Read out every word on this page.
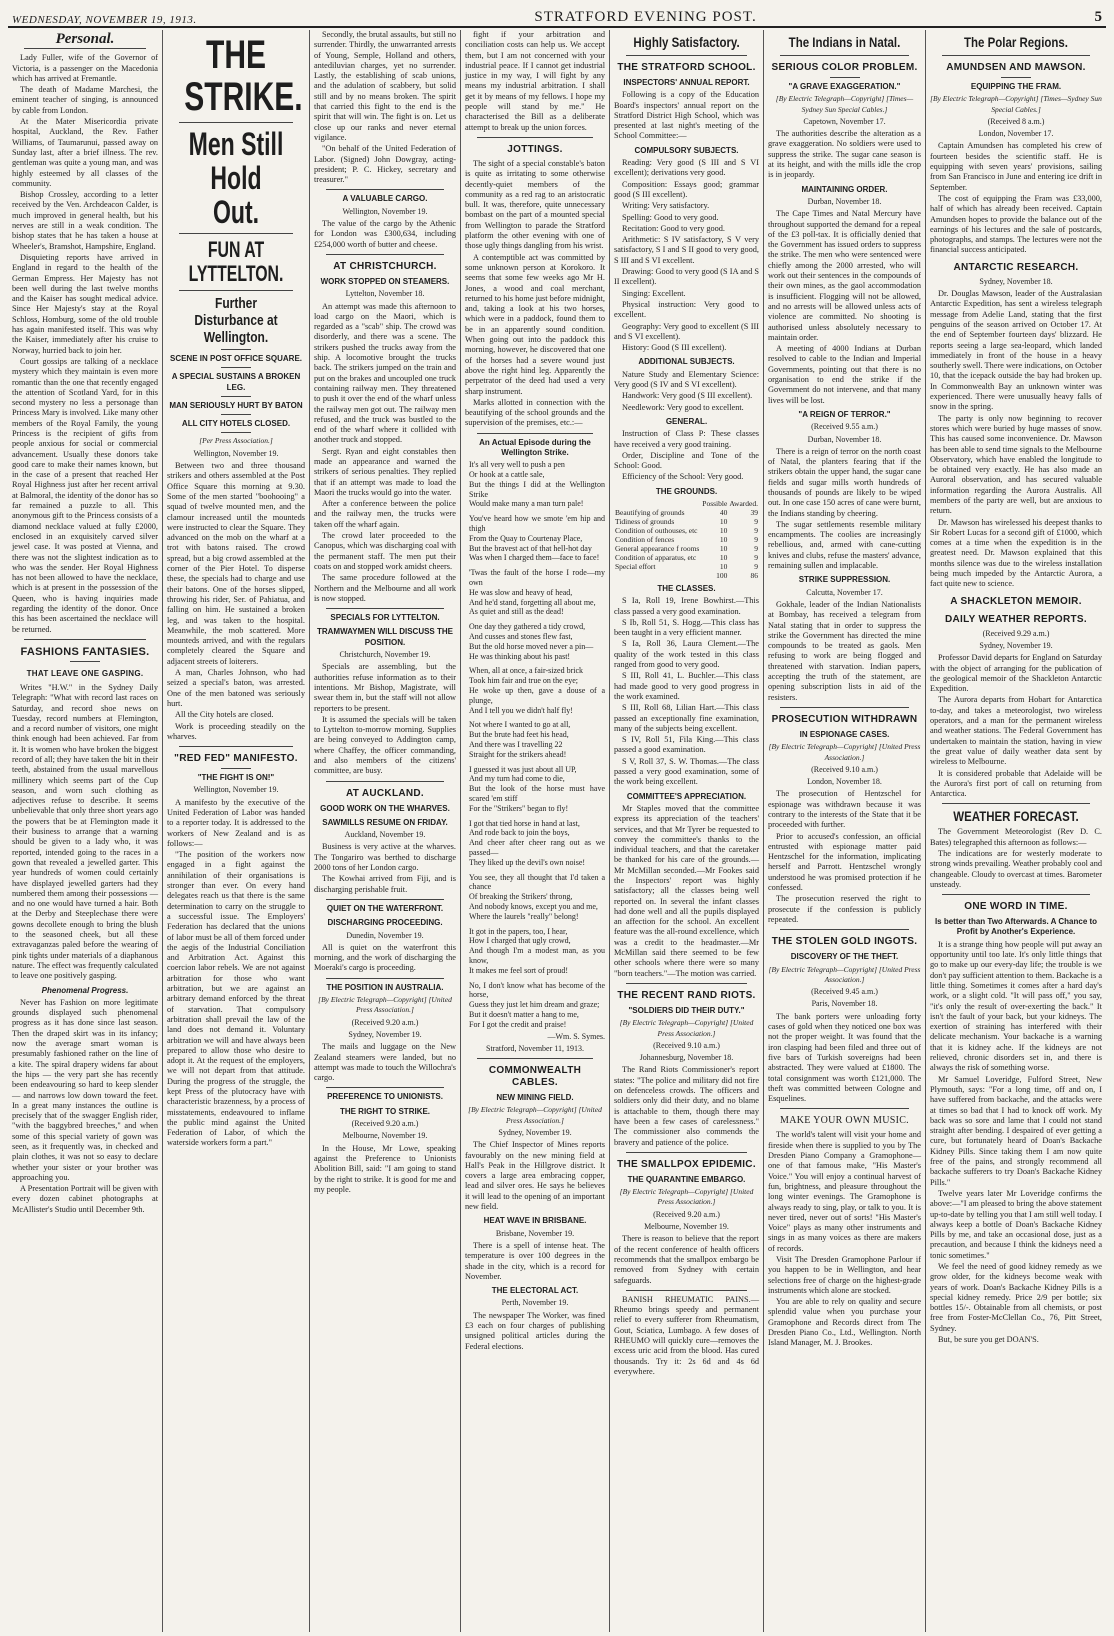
WEDNESDAY, NOVEMBER 19, 1913.	STRATFORD EVENING POST.	5
Personal.

Lady Fuller, wife of the Governor of Victoria, is a passenger on the Macedonia which has arrived at Fremantle.

The death of Madame Marchesi, the eminent teacher of singing, is announced by cable from London.

At the Mater Misericordia private hospital, Auckland, the Rev. Father Williams, of Taumarunui, passed away on Sunday last, after a brief illness. The rev. gentleman was quite a young man, and was highly esteemed by all classes of the community.

Bishop Crossley, according to a letter received by the Ven. Archdeacon Calder, is much improved in general health, but his nerves are still in a weak condition. The bishop states that he has taken a house at Wheeler's, Bramshot, Hampshire, England.

Disquieting reports have arrived in England in regard to the health of the German Empress. Her Majesty has not been well during the last twelve months and the Kaiser has sought medical advice. Since Her Majesty's stay at the Royal Schloss, Homburg, some of the old trouble has again manifested itself. This was why the Kaiser, immediately after his cruise to Norway, hurried back to join her.

Court gossips are talking of a necklace mystery which they maintain is even more romantic than the one that recently engaged the attention of Scotland Yard, for in this second mystery no less a personage than Princess Mary is involved. Like many other members of the Royal Family, the young Princess is the recipient of gifts from people anxious for social or commercial advancement. Usually these donors take good care to make their names known, but in the case of a present that reached Her Royal Highness just after her recent arrival at Balmoral, the identity of the donor has so far remained a puzzle to all. This anonymous gift to the Princess consists of a diamond necklace valued at fully £2000, enclosed in an exquisitely carved silver jewel case. It was posted at Vienna, and there was not the slightest indication as to who was the sender. Her Royal Highness has not been allowed to have the necklace, which is at present in the possession of the Queen, who is having inquiries made regarding the identity of the donor. Once this has been ascertained the necklace will be returned.

FASHIONS FANTASIES.
THAT LEAVE ONE GASPING.

Writes "H.W." in the Sydney Daily Telegraph: "What with record last races on Saturday, and record shoe news on Tuesday, record numbers at Flemington, and a record number of visitors, one might think enough had been achieved. Far from it. It is women who have broken the biggest record of all; they have taken the bit in their teeth, abstained from the usual marvellous millinery which seems part of the Cup season, and worn such clothing as adjectives refuse to describe. It seems unbelievable that only three short years ago the powers that be at Flemington made it their business to arrange that a warning should be given to a lady who, it was reported, intended going to the races in a gown that revealed a jewelled garter. This year hundreds of women could certainly have displayed jewelled garters had they numbered them among their possessions — and no one would have turned a hair. Both at the Derby and Steeplechase there were gowns decollete enough to bring the blush to the seasoned cheek, but all these extravaganzas paled before the wearing of pink tights under materials of a diaphanous nature. The effect was frequently calculated to leave one positively gasping.

Phenomenal Progress.

Never has Fashion on more legitimate grounds displayed such phenomenal progress as it has done since last season. Then the draped skirt was in its infancy; now the average smart woman is presumably fashioned rather on the line of a kite. The spiral drapery widens far about the hips — the very part she has recently been endeavouring so hard to keep slender — and narrows low down toward the feet. In a great many instances the outline is precisely that of the swagger English rider, "with the baggybred breeches," and when some of this special variety of gown was seen, as it frequently was, in checked and plain clothes, it was not so easy to declare whether your sister or your brother was approaching you.

A Presentation Portrait will be given with every dozen cabinet photographs at McAllister's Studio until December 9th.

THE STRIKE.
Men Still Hold Out.
FUN AT LYTTELTON.
Further Disturbance at Wellington.
SCENE IN POST OFFICE SQUARE.
A SPECIAL SUSTAINS A BROKEN LEG.
MAN SERIOUSLY HURT BY BATON
ALL CITY HOTELS CLOSED.
[Per Press Association.]
Wellington, November 19.

Between two and three thousand strikers and others assembled at the Post Office Square this morning at 9.30. Some of the men started "boohooing" a squad of twelve mounted men, and the clamour increased until the mounteds were instructed to clear the Square. They advanced on the mob on the wharf at a trot with batons raised. The crowd spread, but a big crowd assembled at the corner of the Pier Hotel. To disperse these, the specials had to charge and use their batons. One of the horses slipped, throwing his rider, Ser. of Pahiatua, and falling on him. He sustained a broken leg, and was taken to the hospital. Meanwhile, the mob scattered. More mounteds arrived, and with the regulars completely cleared the Square and adjacent streets of loiterers.

A man, Charles Johnson, who had seized a special's baton, was arrested. One of the men batoned was seriously hurt.

All the City hotels are closed.

Work is proceeding steadily on the wharves.

"RED FED" MANIFESTO.
"THE FIGHT IS ON!"
Wellington, November 19.

A manifesto by the executive of the United Federation of Labor was handed to a reporter today. It is addressed to the workers of New Zealand and is as follows:—

"The position of the workers now engaged in a fight against the annihilation of their organisations is stronger than ever. On every hand delegates reach us that there is the same determination to carry on the struggle to a successful issue. The Employers' Federation has declared that the unions of labor must be all of them forced under the aegis of the Industrial Conciliation and Arbitration Act. Against this coercion labor rebels. We are not against arbitration for those who want arbitration, but we are against an arbitrary demand enforced by the threat of starvation. That compulsory arbitration shall prevail the law of the land does not demand it. Voluntary arbitration we will and have always been prepared to allow those who desire to adopt it. At the request of the employers, we will not depart from that attitude. During the progress of the struggle, the kept Press of the plutocracy have with characteristic brazenness, by a process of misstatements, endeavoured to inflame the public mind against the United Federation of Labor, of which the waterside workers form a part."

Secondly, the brutal assaults, but still no surrender. Thirdly, the unwarranted arrests of Young, Semple, Holland and others, antediluvian charges, yet no surrender. Lastly, the establishing of scab unions, and the adulation of scabbery, but solid still and by no means broken. The spirit that carried this fight to the end is the spirit that will win. The fight is on. Let us close up our ranks and never eternal vigilance.

"On behalf of the United Federation of Labor. (Signed) John Dowgray, acting-president; P. C. Hickey, secretary and treasurer."

A VALUABLE CARGO.
Wellington, November 19.

The value of the cargo by the Athenic for London was £300,634, including £254,000 worth of butter and cheese.

AT CHRISTCHURCH.
WORK STOPPED ON STEAMERS.
Lyttelton, November 18.

An attempt was made this afternoon to load cargo on the Maori, which is regarded as a "scab" ship. The crowd was disorderly, and there was a scene. The strikers pushed the trucks away from the ship. A locomotive brought the trucks back. The strikers jumped on the train and put on the brakes and uncoupled one truck containing railway men. They threatened to push it over the end of the wharf unless the railway men got out. The railway men refused, and the truck was bustled to the end of the wharf where it collided with another truck and stopped.

Sergt. Ryan and eight constables then made an appearance and warned the strikers of serious penalties. They replied that if an attempt was made to load the Maori the trucks would go into the water.

After a conference between the police and the railway men, the trucks were taken off the wharf again.

The crowd later proceeded to the Canopus, which was discharging coal with the permanent staff. The men put their coats on and stopped work amidst cheers.

The same procedure followed at the Northern and the Melbourne and all work is now stopped.

SPECIALS FOR LYTTELTON.
TRAMWAYMEN WILL DISCUSS THE POSITION.
Christchurch, November 19.

Specials are assembling, but the authorities refuse information as to their intentions. Mr Bishop, Magistrate, will swear them in, but the staff will not allow reporters to be present.

It is assumed the specials will be taken to Lyttelton to-morrow morning. Supplies are being conveyed to Addington camp, where Chaffey, the officer commanding, and also members of the citizens' committee, are busy.

AT AUCKLAND.
GOOD WORK ON THE WHARVES.
SAWMILLS RESUME ON FRIDAY.
Auckland, November 19.

Business is very active at the wharves. The Tongariro was berthed to discharge 2000 tons of her London cargo.

The Kowhai arrived from Fiji, and is discharging perishable fruit.

QUIET ON THE WATERFRONT.
DISCHARGING PROCEEDING.
Dunedin, November 19.

All is quiet on the waterfront this morning, and the work of discharging the Moeraki's cargo is proceeding.

THE POSITION IN AUSTRALIA.
[By Electric Telegraph—Copyright] [United Press Association.]
(Received 9.20 a.m.)
Sydney, November 19.

The mails and luggage on the New Zealand steamers were landed, but no attempt was made to touch the Willochra's cargo.

PREFERENCE TO UNIONISTS.
THE RIGHT TO STRIKE.
(Received 9.20 a.m.)
Melbourne, November 19.

In the House, Mr Lowe, speaking against the Preference to Unionists Abolition Bill, said: "I am going to stand by the right to strike. It is good for me and my people.

fight if your arbitration and conciliation costs can help us. We accept them, but I am not concerned with your industrial peace. If I cannot get industrial justice in my way, I will fight by any means my industrial arbitration. I shall get it by means of my fellows. I hope my people will stand by me." He characterised the Bill as a deliberate attempt to break up the union forces.

JOTTINGS.

The sight of a special constable's baton is quite as irritating to some otherwise decently-quiet members of the community as a red rag to an aristocratic bull. It was, therefore, quite unnecessary bombast on the part of a mounted special from Wellington to parade the Stratford platform the other evening with one of those ugly things dangling from his wrist.

A contemptible act was committed by some unknown person at Korokoro. It seems that some few weeks ago Mr H. Jones, a wood and coal merchant, returned to his home just before midnight, and, taking a look at his two horses, which were in a paddock, found them to be in an apparently sound condition. When going out into the paddock this morning, however, he discovered that one of the horses had a severe wound just above the right hind leg. Apparently the perpetrator of the deed had used a very sharp instrument.

Marks allotted in connection with the beautifying of the school grounds and the supervision of the premises, etc.:—

An Actual Episode during the Wellington Strike.
It's all very well to push a pen
Or hook at a cattle sale,
But the things I did at the Wellington Strike
Would make many a man turn pale!
You've heard how we smote 'em hip and thigh
From the Quay to Courtenay Place,
But the bravest act of that hell-hot day
Was when I charged them—face to face!
'Twas the fault of the horse I rode—my own
He was slow and heavy of head,
And he'd stand, forgetting all about me,
As quiet and still as the dead!
One day they gathered a tidy crowd,
And cusses and stones flew fast,
But the old horse moved never a pin—
He was thinking about his past!
When, all at once, a fair-sized brick
Took him fair and true on the eye;
He woke up then, gave a douse of a plunge,
And I tell you we didn't half fly!
Not where I wanted to go at all,
But the brute had feet his head,
And there was I travelling 22
Straight for the strikers ahead!
I guessed it was just about all UP,
And my turn had come to die,
But the look of the horse must have scared 'em stiff
For the "Strikers" began to fly!
I got that tied horse in hand at last,
And rode back to join the boys,
And cheer after cheer rang out as we passed—
They liked up the devil's own noise!
You see, they all thought that I'd taken a chance
Of breaking the Strikers' throng,
And nobody knows, except you and me,
Where the laurels "really" belong!
It got in the papers, too, I hear,
How I charged that ugly crowd,
And though I'm a modest man, as you know,
It makes me feel sort of proud!
No, I don't know what has become of the horse,
Guess they just let him dream and graze;
But it doesn't matter a hang to me,
For I got the credit and praise!
—Wm. S. Symes.
Stratford, November 11, 1913.
COMMONWEALTH CABLES.
NEW MINING FIELD.
[By Electric Telegraph—Copyright] [United Press Association.]
Sydney, November 19.

The Chief Inspector of Mines reports favourably on the new mining field at Hall's Peak in the Hillgrove district. It covers a large area embracing copper, lead and silver ores. He says he believes it will lead to the opening of an important new field.

HEAT WAVE IN BRISBANE.
Brisbane, November 19.

There is a spell of intense heat. The temperature is over 100 degrees in the shade in the city, which is a record for November.

THE ELECTORAL ACT.
Perth, November 19.

The newspaper The Worker, was fined £3 each on four charges of publishing unsigned political articles during the Federal elections.

Highly Satisfactory.
THE STRATFORD SCHOOL.
INSPECTORS' ANNUAL REPORT.

Following is a copy of the Education Board's inspectors' annual report on the Stratford District High School, which was presented at last night's meeting of the School Committee:—

COMPULSORY SUBJECTS.

Reading: Very good (S III and S VI excellent); derivations very good.

Composition: Essays good; grammar good (S III excellent).

Writing: Very satisfactory.

Spelling: Good to very good.

Recitation: Good to very good.

Arithmetic: S IV satisfactory, S V very satisfactory, S I and S II good to very good, S III and S VI excellent.

Drawing: Good to very good (S IA and S II excellent).

Singing: Excellent.

Physical instruction: Very good to excellent.

Geography: Very good to excellent (S III and S VI excellent).

History: Good (S III excellent).

ADDITIONAL SUBJECTS.

Nature Study and Elementary Science: Very good (S IV and S VI excellent).

Handwork: Very good (S III excellent).

Needlework: Very good to excellent.

GENERAL.

Instruction of Class P: These classes have received a very good training.

Order, Discipline and Tone of the School: Good.

Efficiency of the School: Very good.

THE GROUNDS.
	Possible	Awarded.
Beautifying of grounds	40	39
Tidiness of grounds	10	9
Condition of outhouses, etc	10	9
Condition of fences	10	9
General appearance f rooms	10	9
Condition of apparatus, etc	10	9
Special effort	10	9
	100	86
THE CLASSES.

S Ia, Roll 19, Irene Bowhirst.—This class passed a very good examination.

S Ib, Roll 51, S. Hogg.—This class has been taught in a very efficient manner.

S Ia, Roll 36, Laura Clement.—The quality of the work tested in this class ranged from good to very good.

S III, Roll 41, L. Buchler.—This class had made good to very good progress in the work examined.

S III, Roll 68, Lilian Hart.—This class passed an exceptionally fine examination, many of the subjects being excellent.

S IV, Roll 51, Fila King.—This class passed a good examination.

S V, Roll 37, S. W. Thomas.—The class passed a very good examination, some of the work being excellent.

COMMITTEE'S APPRECIATION.

Mr Staples moved that the committee express its appreciation of the teachers' services, and that Mr Tyrer be requested to convey the committee's thanks to the individual teachers, and that the caretaker be thanked for his care of the grounds.—Mr McMillan seconded.—Mr Fookes said the Inspectors' report was highly satisfactory; all the classes being well reported on. In several the infant classes had done well and all the pupils displayed an affection for the school. An excellent feature was the all-round excellence, which was a credit to the headmaster.—Mr McMillan said there seemed to be few other schools where there were so many "born teachers."—The motion was carried.

THE RECENT RAND RIOTS.
"SOLDIERS DID THEIR DUTY."
[By Electric Telegraph—Copyright] [United Press Association.]
(Received 9.10 a.m.)
Johannesburg, November 18.

The Rand Riots Commissioner's report states: "The police and military did not fire on defenceless crowds. The officers and soldiers only did their duty, and no blame is attachable to them, though there may have been a few cases of carelessness." The commissioner also commends the bravery and patience of the police.

THE SMALLPOX EPIDEMIC.
THE QUARANTINE EMBARGO.
[By Electric Telegraph—Copyright] [United Press Association.]
(Received 9.20 a.m.)
Melbourne, November 19.

There is reason to believe that the report of the recent conference of health officers recommends that the smallpox embargo be removed from Sydney with certain safeguards.

BANISH RHEUMATIC PAINS.—Rheumo brings speedy and permanent relief to every sufferer from Rheumatism, Gout, Sciatica, Lumbago. A few doses of RHEUMO will quickly cure—removes the excess uric acid from the blood. Has cured thousands. Try it: 2s 6d and 4s 6d everywhere.

The Indians in Natal.
SERIOUS COLOR PROBLEM.
"A GRAVE EXAGGERATION."
[By Electric Telegraph—Copyright] [Times—Sydney Sun Special Cables.]
Capetown, November 17.

The authorities describe the alteration as a grave exaggeration. No soldiers were used to suppress the strike. The sugar cane season is at its height, and with the mills idle the crop is in jeopardy.

MAINTAINING ORDER.
Durban, November 18.

The Cape Times and Natal Mercury have throughout supported the demand for a repeal of the £3 poll-tax. It is officially denied that the Government has issued orders to suppress the strike. The men who were sentenced were chiefly among the 2000 arrested, who will work out their sentences in the compounds of their own mines, as the gaol accommodation is insufficient. Flogging will not be allowed, and no arrests will be allowed unless acts of violence are committed. No shooting is authorised unless absolutely necessary to maintain order.

A meeting of 4000 Indians at Durban resolved to cable to the Indian and Imperial Governments, pointing out that there is no organisation to end the strike if the Government do not intervene, and that many lives will be lost.

"A REIGN OF TERROR."
(Received 9.55 a.m.)
Durban, November 18.

There is a reign of terror on the north coast of Natal, the planters fearing that if the strikers obtain the upper hand, the sugar cane fields and sugar mills worth hundreds of thousands of pounds are likely to be wiped out. In one case 150 acres of cane were burnt, the Indians standing by cheering.

The sugar settlements resemble military encampments. The coolies are increasingly rebellious, and, armed with cane-cutting knives and clubs, refuse the masters' advance, remaining sullen and implacable.

STRIKE SUPPRESSION.
Calcutta, November 17.

Gokhale, leader of the Indian Nationalists at Bombay, has received a telegram from Natal stating that in order to suppress the strike the Government has directed the mine compounds to be treated as gaols. Men refusing to work are being flogged and threatened with starvation. Indian papers, accepting the truth of the statement, are opening subscription lists in aid of the resisters.

PROSECUTION WITHDRAWN
IN ESPIONAGE CASES.
[By Electric Telegraph—Copyright] [United Press Association.]
(Received 9.10 a.m.)
London, November 18.

The prosecution of Hentzschel for espionage was withdrawn because it was contrary to the interests of the State that it be proceeded with further.

Prior to accused's confession, an official entrusted with espionage matter paid Hentzschel for the information, implicating herself and Parrott. Hentzschel wrongly understood he was promised protection if he confessed.

The prosecution reserved the right to prosecute if the confession is publicly repeated.

THE STOLEN GOLD INGOTS.
DISCOVERY OF THE THEFT.
[By Electric Telegraph—Copyright] [United Press Association.]
(Received 9.45 a.m.)
Paris, November 18.

The bank porters were unloading forty cases of gold when they noticed one box was not the proper weight. It was found that the iron clasping had been filed and three out of five bars of Turkish sovereigns had been abstracted. They were valued at £1800. The total consignment was worth £121,000. The theft was committed between Cologne and Esquelines.

MAKE YOUR OWN MUSIC.

The world's talent will visit your home and fireside when there is supplied to you by The Dresden Piano Company a Gramophone—one of that famous make, "His Master's Voice." You will enjoy a continual harvest of fun, brightness, and pleasure throughout the long winter evenings. The Gramophone is always ready to sing, play, or talk to you. It is never tired, never out of sorts! "His Master's Voice" plays as many other instruments and sings in as many voices as there are makers of records.

Visit The Dresden Gramophone Parlour if you happen to be in Wellington, and hear selections free of charge on the highest-grade instruments which alone are stocked.

You are able to rely on quality and secure splendid value when you purchase your Gramophone and Records direct from The Dresden Piano Co., Ltd., Wellington. North Island Manager, M. J. Brookes.

The Polar Regions.
AMUNDSEN AND MAWSON.
EQUIPPING THE FRAM.
[By Electric Telegraph—Copyright] [Times—Sydney Sun Special Cables.]
(Received 8 a.m.)
London, November 17.

Captain Amundsen has completed his crew of fourteen besides the scientific staff. He is equipping with seven years' provisions, sailing from San Francisco in June and entering ice drift in September.

The cost of equipping the Fram was £33,000, half of which has already been received. Captain Amundsen hopes to provide the balance out of the earnings of his lectures and the sale of postcards, photographs, and stamps. The lectures were not the financial success anticipated.

ANTARCTIC RESEARCH.
Sydney, November 18.

Dr. Douglas Mawson, leader of the Australasian Antarctic Expedition, has sent a wireless telegraph message from Adelie Land, stating that the first penguins of the season arrived on October 17. At the end of September fourteen days' blizzard. He reports seeing a large sea-leopard, which landed immediately in front of the house in a heavy southerly swell. There were indications, on October 10, that the icepack outside the bay had broken up. In Commonwealth Bay an unknown winter was experienced. There were unusually heavy falls of snow in the spring.

The party is only now beginning to recover stores which were buried by huge masses of snow. This has caused some inconvenience. Dr. Mawson has been able to send time signals to the Melbourne Observatory, which have enabled the longitude to be obtained very exactly. He has also made an Auroral observation, and has secured valuable information regarding the Aurora Australis. All members of the party are well, but are anxious to return.

Dr. Mawson has wirelessed his deepest thanks to Sir Robert Lucas for a second gift of £1000, which comes at a time when the expedition is in the greatest need. Dr. Mawson explained that this months silence was due to the wireless installation being much impeded by the Antarctic Aurora, a fact quite new to science.

A SHACKLETON MEMOIR.
DAILY WEATHER REPORTS.
(Received 9.29 a.m.)
Sydney, November 19.

Professor David departs for England on Saturday with the object of arranging for the publication of the geological memoir of the Shackleton Antarctic Expedition.

The Aurora departs from Hobart for Antarctica to-day, and takes a meteorologist, two wireless operators, and a man for the permanent wireless and weather stations. The Federal Government has undertaken to maintain the station, having in view the great value of daily weather data sent by wireless to Melbourne.

It is considered probable that Adelaide will be the Aurora's first port of call on returning from Antarctica.

WEATHER FORECAST.

The Government Meteorologist (Rev D. C. Bates) telegraphed this afternoon as follows:—

The indications are for westerly moderate to strong winds prevailing. Weather probably cool and changeable. Cloudy to overcast at times. Barometer unsteady.

ONE WORD IN TIME.
Is better than Two Afterwards. A Chance to Profit by Another's Experience.

It is a strange thing how people will put away an opportunity until too late. It's only little things that go to make up our every-day life; the trouble is we don't pay sufficient attention to them. Backache is a little thing. Sometimes it comes after a hard day's work, or a slight cold. "It will pass off," you say, "it's only the result of over-exerting the back." It isn't the fault of your back, but your kidneys. The exertion of straining has interfered with their delicate mechanism. Your backache is a warning that it is kidney ache. If the kidneys are not relieved, chronic disorders set in, and there is always the risk of something worse.

Mr Samuel Loveridge, Fulford Street, New Plymouth, says: "For a long time, off and on, I have suffered from backache, and the attacks were at times so bad that I had to knock off work. My back was so sore and lame that I could not stand straight after bending. I despaired of ever getting a cure, but fortunately heard of Doan's Backache Kidney Pills. Since taking them I am now quite free of the pains, and strongly recommend all backache sufferers to try Doan's Backache Kidney Pills."

Twelve years later Mr Loveridge confirms the above:—"I am pleased to bring the above statement up-to-date by telling you that I am still well today. I always keep a bottle of Doan's Backache Kidney Pills by me, and take an occasional dose, just as a precaution, and because I think the kidneys need a tonic sometimes."

We feel the need of good kidney remedy as we grow older, for the kidneys become weak with years of work. Doan's Backache Kidney Pills is a special kidney remedy. Price 2/9 per bottle; six bottles 15/-. Obtainable from all chemists, or post free from Foster-McClellan Co., 76, Pitt Street, Sydney.

But, be sure you get DOAN'S.
